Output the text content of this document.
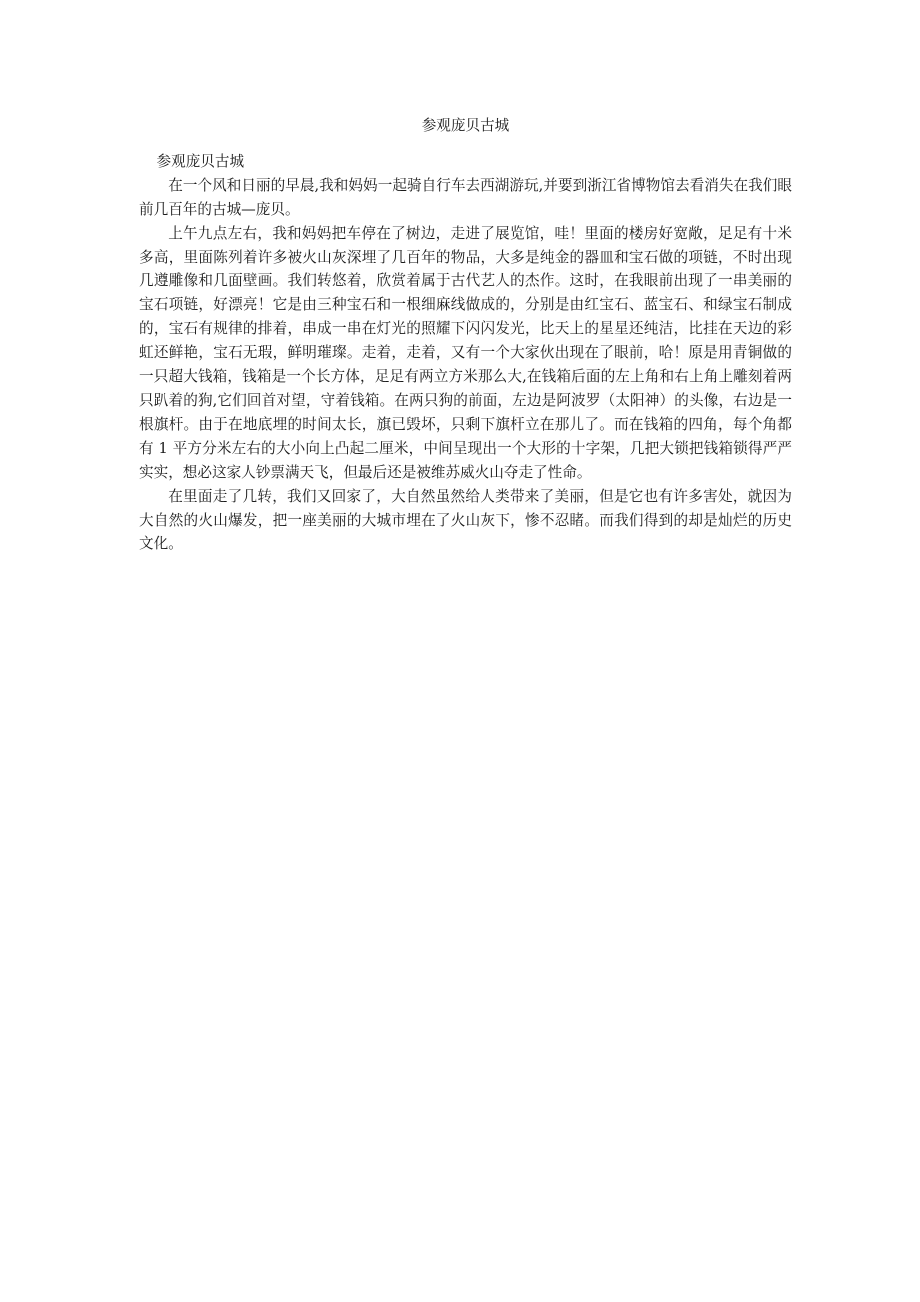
参观庞贝古城

参观庞贝古城

在一个风和日丽的早晨,我和妈妈一起骑自行车去西湖游玩,并要到浙江省博物馆去看消失在我们眼前几百年的古城—庞贝。

上午九点左右，我和妈妈把车停在了树边，走进了展览馆，哇！里面的楼房好宽敞，足足有十米多高，里面陈列着许多被火山灰深埋了几百年的物品，大多是纯金的器皿和宝石做的项链，不时出现几遵雕像和几面壁画。我们转悠着，欣赏着属于古代艺人的杰作。这时，在我眼前出现了一串美丽的宝石项链，好漂亮！它是由三种宝石和一根细麻线做成的，分别是由红宝石、蓝宝石、和绿宝石制成的，宝石有规律的排着，串成一串在灯光的照耀下闪闪发光，比天上的星星还纯洁，比挂在天边的彩虹还鲜艳，宝石无瑕，鲜明璀璨。走着，走着，又有一个大家伙出现在了眼前，哈！原是用青铜做的一只超大钱箱，钱箱是一个长方体，足足有两立方米那么大,在钱箱后面的左上角和右上角上雕刻着两只趴着的狗,它们回首对望，守着钱箱。在两只狗的前面，左边是阿波罗（太阳神）的头像，右边是一根旗杆。由于在地底埋的时间太长，旗已毁坏，只剩下旗杆立在那儿了。而在钱箱的四角，每个角都有 1 平方分米左右的大小向上凸起二厘米，中间呈现出一个大形的十字架，几把大锁把钱箱锁得严严实实，想必这家人钞票满天飞，但最后还是被维苏威火山夺走了性命。

在里面走了几转，我们又回家了，大自然虽然给人类带来了美丽，但是它也有许多害处，就因为大自然的火山爆发，把一座美丽的大城市埋在了火山灰下，惨不忍睹。而我们得到的却是灿烂的历史文化。
